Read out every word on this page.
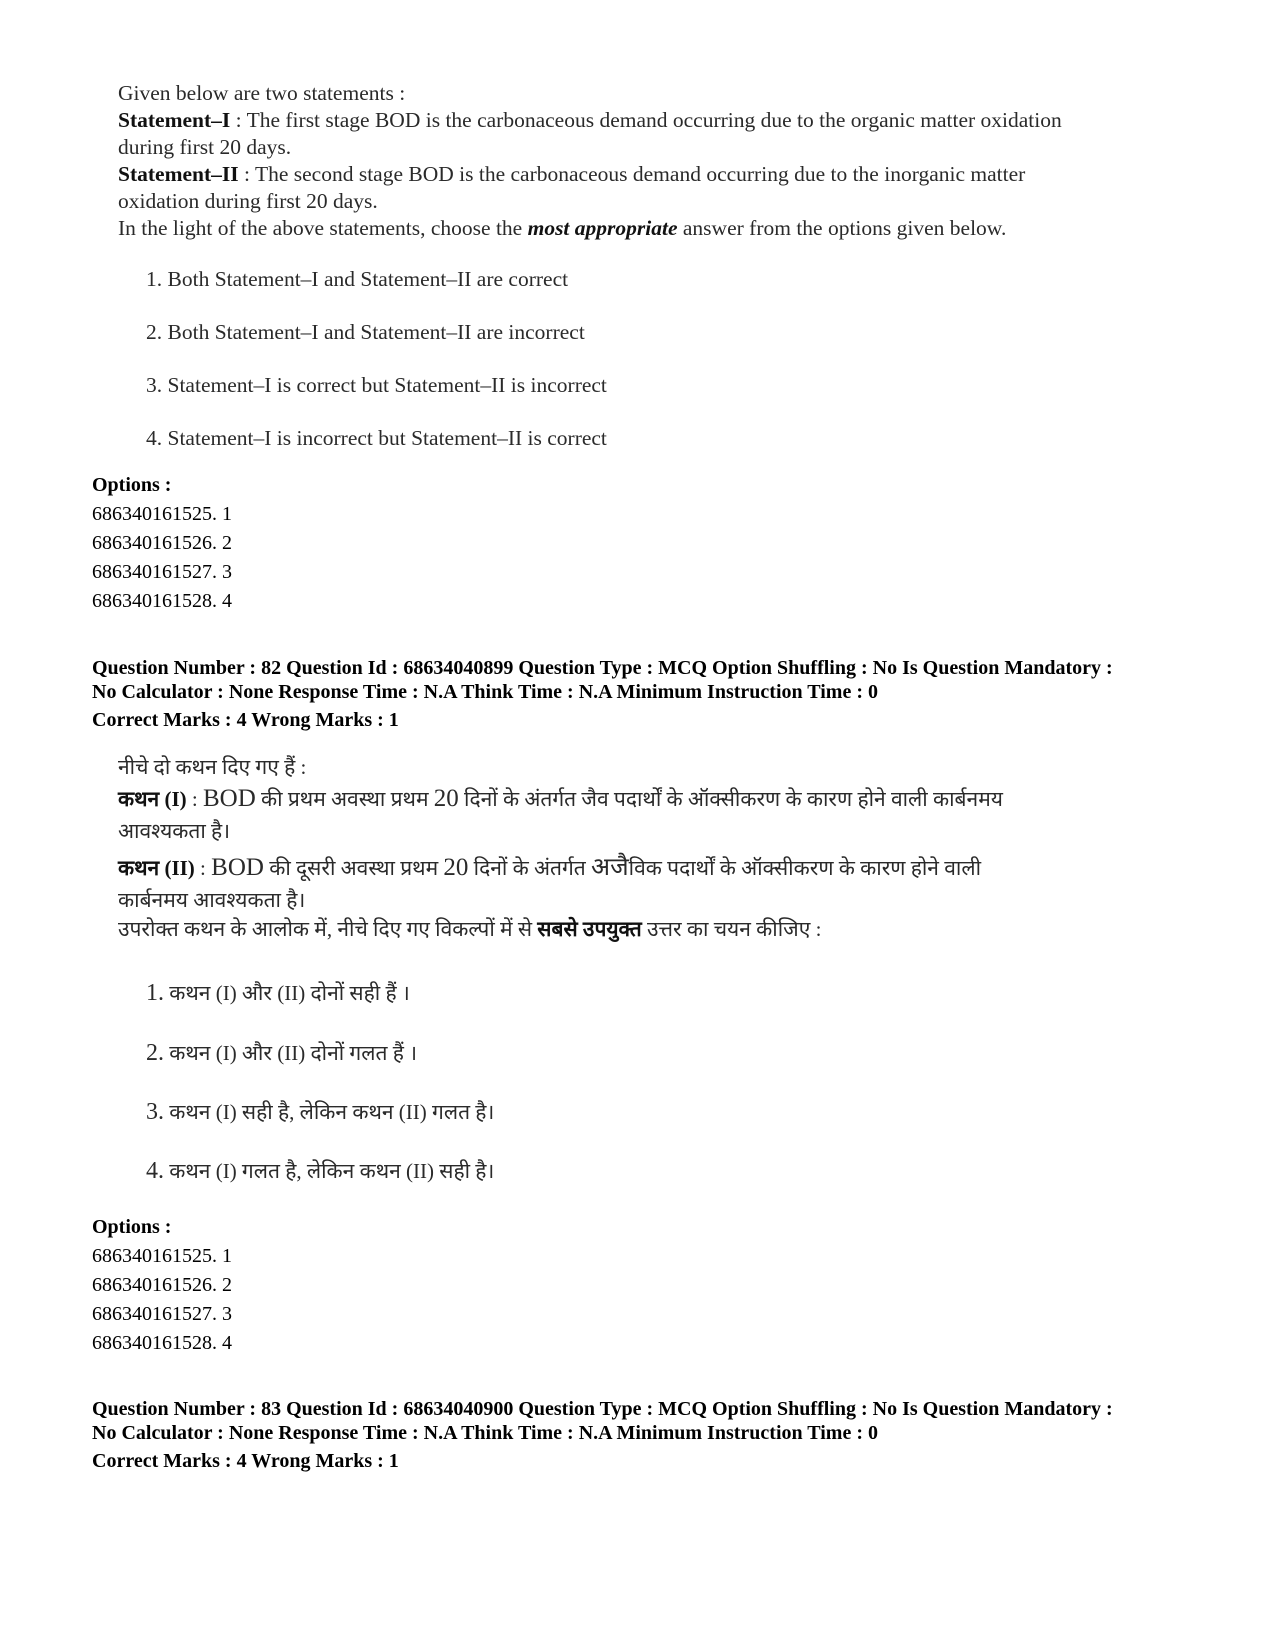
Given below are two statements :
Statement–I : The first stage BOD is the carbonaceous demand occurring due to the organic matter oxidation
during first 20 days.
Statement–II : The second stage BOD is the carbonaceous demand occurring due to the inorganic matter
oxidation during first 20 days.
In the light of the above statements, choose the most appropriate answer from the options given below.
1. Both Statement–I and Statement–II are correct
2. Both Statement–I and Statement–II are incorrect
3. Statement–I is correct but Statement–II is incorrect
4. Statement–I is incorrect but Statement–II is correct
Options :
686340161525. 1
686340161526. 2
686340161527. 3
686340161528. 4
Question Number : 82 Question Id : 68634040899 Question Type : MCQ Option Shuffling : No Is Question Mandatory :
No Calculator : None Response Time : N.A Think Time : N.A Minimum Instruction Time : 0
Correct Marks : 4 Wrong Marks : 1
नीचे दो कथन दिए गए हैं :
कथन (I) : BOD की प्रथम अवस्था प्रथम 20 दिनों के अंतर्गत जैव पदार्थों के ऑक्सीकरण के कारण होने वाली कार्बनमय
आवश्यकता है।
कथन (II) : BOD की दूसरी अवस्था प्रथम 20 दिनों के अंतर्गत अजैविक पदार्थों के ऑक्सीकरण के कारण होने वाली
कार्बनमय आवश्यकता है।
उपरोक्त कथन के आलोक में, नीचे दिए गए विकल्पों में से सबसे उपयुक्त उत्तर का चयन कीजिए :
1. कथन (I) और (II) दोनों सही हैं ।
2. कथन (I) और (II) दोनों गलत हैं ।
3. कथन (I) सही है, लेकिन कथन (II) गलत है।
4. कथन (I) गलत है, लेकिन कथन (II) सही है।
Options :
686340161525. 1
686340161526. 2
686340161527. 3
686340161528. 4
Question Number : 83 Question Id : 68634040900 Question Type : MCQ Option Shuffling : No Is Question Mandatory :
No Calculator : None Response Time : N.A Think Time : N.A Minimum Instruction Time : 0
Correct Marks : 4 Wrong Marks : 1
